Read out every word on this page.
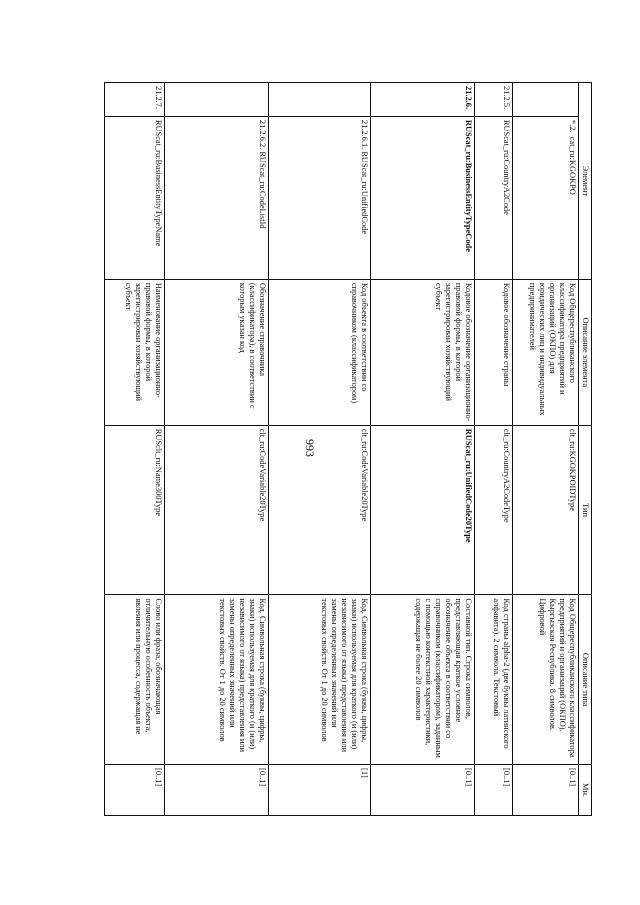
993
Элемент		Описание элемента	Тип	Описание типа	Мн.
	*.2.  cat_ru:KGOKPO	Код Общереспубликанского классификатора предприятий и организаций (ОКПО) для юридических лиц и индивидуальных предпринимателей	clt_ru:KGOKPOIDType	Код Общереспубликанского классификатора предприятий и организаций (ОКПО). Кыргызская Республика. 8 символов. Цифровой	[0..1]
21.2.5.	RUScat_ru:CountryA2Code	Кодовое обозначение страны	clt_ru:CountryA2CodeType	Код страны alpha-2 (две буквы латинского алфавита). 2 символа. Текстовый	[0..1]
21.2.6.	RUScat_ru:BusinessEntityTypeCode	Кодовое обозначение организационно-правовой формы, в которой зарегистрирован хозяйствующий субъект	RUScat_ru:UnifiedCode20Type	Составной тип. Строка символов, представляющая краткое условное обозначение объекта в соответствии со справочником (классификатором), заданным с помощью контекстной характеристики, содержащая не более 20 символов	[0..1]
	21.2.6.1. RUScat_ru:UnifiedCode	Код объекта в соответствии со справочником (классификатором)	clt_ru:CodeVariable20Type	Код. Символьная строка (буквы, цифры, знаки) используемая для краткого (и (или) независимого от языка) представления или замены определенных значений или текстовых свойств. От 1 до 20 символов	[1]
	21.2.6.2. RUScat_ru:CodeListId	Обозначение справочника (классификатора), в соответствии с которым указан код	clt_ru:CodeVariable20Type	Код. Символьная строка (буквы, цифры, знаки) используемая для краткого (и (или) независимого от языка) представления или замены определенных значений или текстовых свойств. От 1 до 20 символов	[0..1]
21.2.7.	RUScat_ru:BusinessEntityTypeName	Наименование организационно-правовой формы, в которой зарегистрирован хозяйствующий субъект	RUSclt_ru:Name300Type	Слово или фраза, обозначающая отличительную особенность объекта, явления или процесса, содержащая не	[0..1]
